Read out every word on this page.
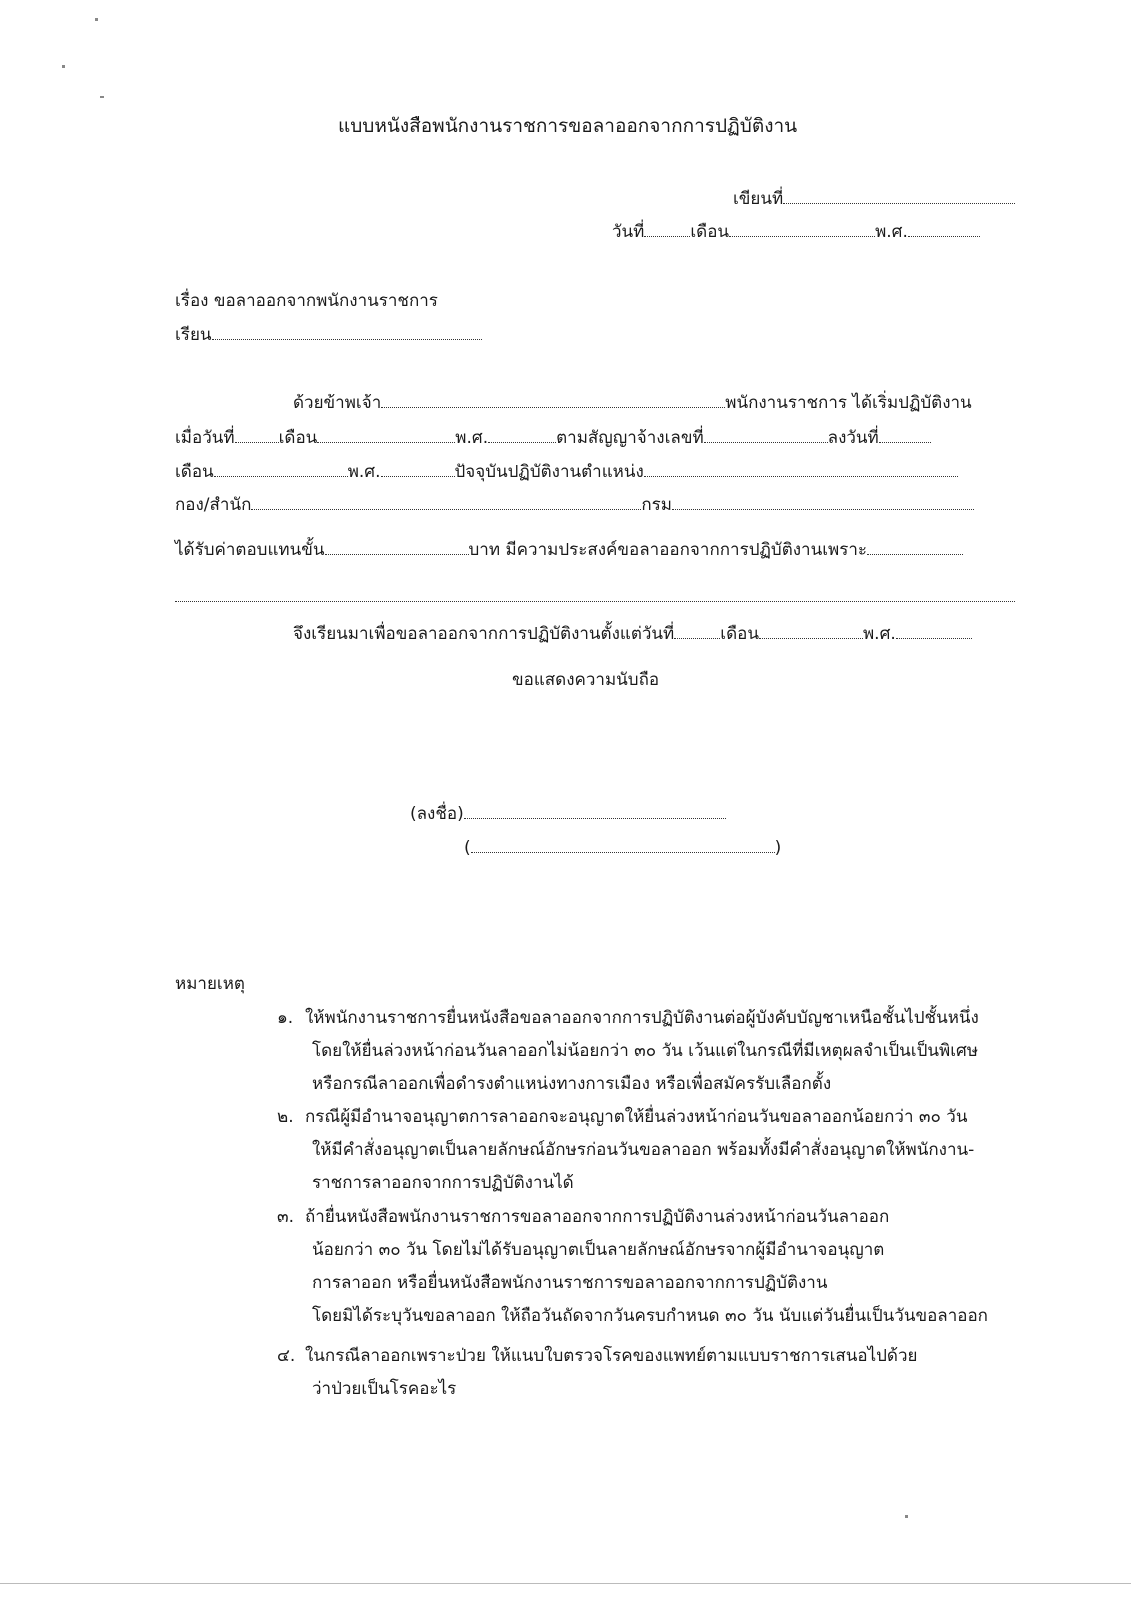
แบบหนังสือพนักงานราชการขอลาออกจากการปฏิบัติงาน
เขียนที่
วันที่	เดือน	พ.ศ.
เรื่อง ขอลาออกจากพนักงานราชการ
เรียน
ด้วยข้าพเจ้า	พนักงานราชการ ได้เริ่มปฏิบัติงาน
เมื่อวันที่	เดือน	พ.ศ.	ตามสัญญาจ้างเลขที่	ลงวันที่
เดือน	พ.ศ.	ปัจจุบันปฏิบัติงานตำแหน่ง
กอง/สำนัก	กรม
ได้รับค่าตอบแทนขั้น	บาท มีความประสงค์ขอลาออกจากการปฏิบัติงานเพราะ
จึงเรียนมาเพื่อขอลาออกจากการปฏิบัติงานตั้งแต่วันที่	เดือน	พ.ศ.
ขอแสดงความนับถือ
(ลงชื่อ)
(	)
หมายเหตุ
๑. ให้พนักงานราชการยื่นหนังสือขอลาออกจากการปฏิบัติงานต่อผู้บังคับบัญชาเหนือชั้นไปชั้นหนึ่ง
โดยให้ยื่นล่วงหน้าก่อนวันลาออกไม่น้อยกว่า ๓๐ วัน เว้นแต่ในกรณีที่มีเหตุผลจำเป็นเป็นพิเศษ
หรือกรณีลาออกเพื่อดำรงตำแหน่งทางการเมือง หรือเพื่อสมัครรับเลือกตั้ง
๒. กรณีผู้มีอำนาจอนุญาตการลาออกจะอนุญาตให้ยื่นล่วงหน้าก่อนวันขอลาออกน้อยกว่า ๓๐ วัน
ให้มีคำสั่งอนุญาตเป็นลายลักษณ์อักษรก่อนวันขอลาออก พร้อมทั้งมีคำสั่งอนุญาตให้พนักงาน-
ราชการลาออกจากการปฏิบัติงานได้
๓. ถ้ายื่นหนังสือพนักงานราชการขอลาออกจากการปฏิบัติงานล่วงหน้าก่อนวันลาออก
น้อยกว่า ๓๐ วัน โดยไม่ได้รับอนุญาตเป็นลายลักษณ์อักษรจากผู้มีอำนาจอนุญาต
การลาออก หรือยื่นหนังสือพนักงานราชการขอลาออกจากการปฏิบัติงาน
โดยมิได้ระบุวันขอลาออก ให้ถือวันถัดจากวันครบกำหนด ๓๐ วัน นับแต่วันยื่นเป็นวันขอลาออก
๔. ในกรณีลาออกเพราะป่วย ให้แนบใบตรวจโรคของแพทย์ตามแบบราชการเสนอไปด้วย
ว่าป่วยเป็นโรคอะไร
